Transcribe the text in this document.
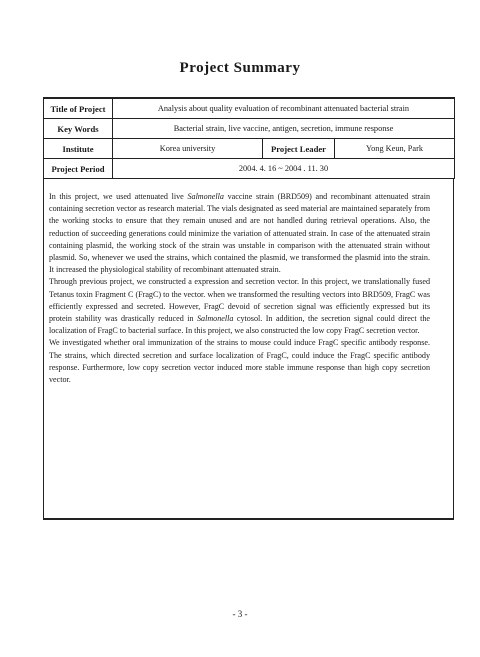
Project Summary
Title of Project	Analysis about quality evaluation of recombinant attenuated bacterial strain		
Key Words	Bacterial strain, live vaccine, antigen, secretion, immune response		
Institute	Korea university	Project Leader	Yong Keun, Park
Project Period	2004. 4. 16 ~ 2004 . 11. 30		

In this project, we used attenuated live Salmonella vaccine strain (BRD509) and recombinant attenuated strain containing secretion vector as research material. The vials designated as seed material are maintained separately from the working stocks to ensure that they remain unused and are not handled during retrieval operations. Also, the reduction of succeeding generations could minimize the variation of attenuated strain. In case of the attenuated strain containing plasmid, the working stock of the strain was unstable in comparison with the attenuated strain without plasmid. So, whenever we used the strains, which contained the plasmid, we transformed the plasmid into the strain. It increased the physiological stability of recombinant attenuated strain.

Through previous project, we constructed a expression and secretion vector. In this project, we translationally fused Tetanus toxin Fragment C (FragC) to the vector. when we transformed the resulting vectors into BRD509, FragC was efficiently expressed and secreted. However, FragC devoid of secretion signal was efficiently expressed but its protein stability was drastically reduced in Salmonella cytosol. In addition, the secretion signal could direct the localization of FragC to bacterial surface. In this project, we also constructed the low copy FragC secretion vector.

We investigated whether oral immunization of the strains to mouse could induce FragC specific antibody response. The strains, which directed secretion and surface localization of FragC, could induce the FragC specific antibody response. Furthermore, low copy secretion vector induced more stable immune response than high copy secretion vector.

- 3 -
